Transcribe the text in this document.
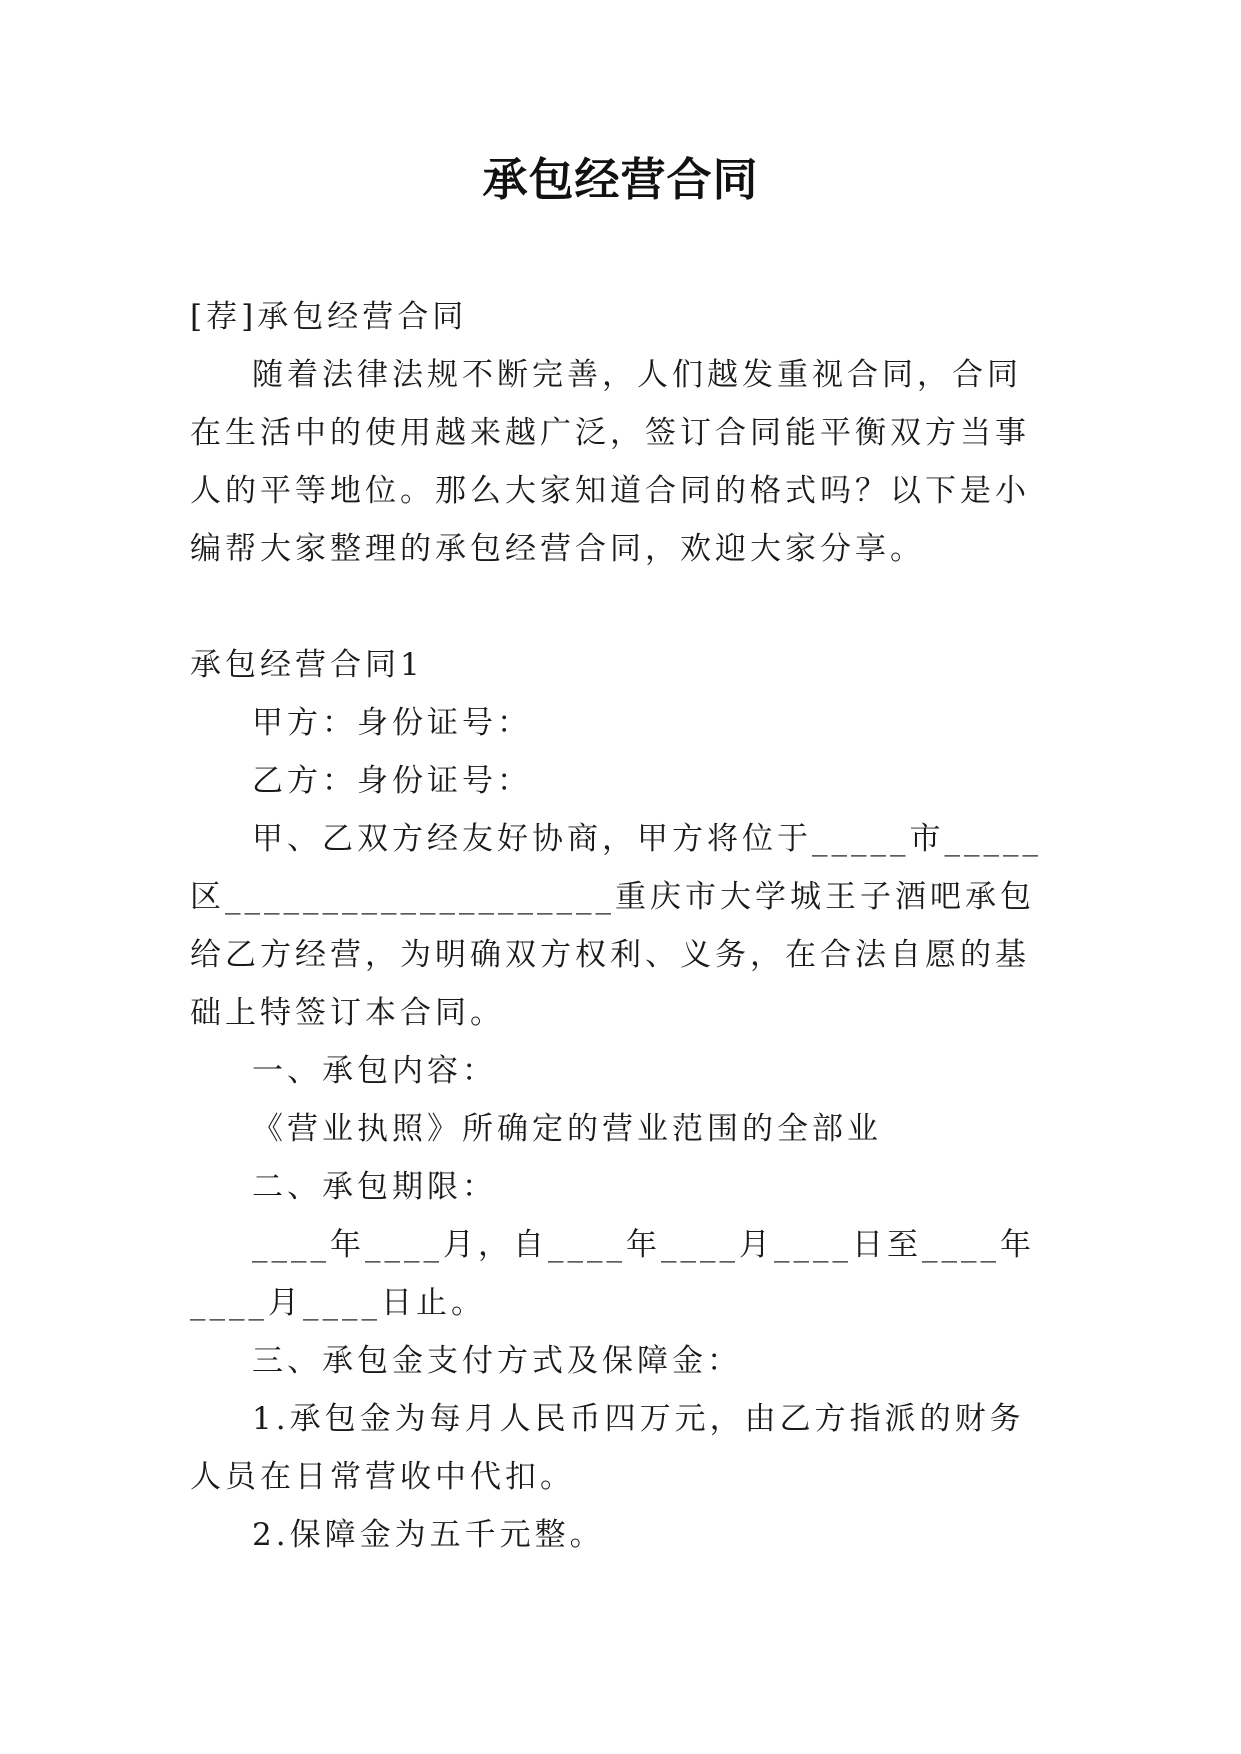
承包经营合同

[荐]承包经营合同

随着法律法规不断完善，人们越发重视合同，合同在生活中的使用越来越广泛，签订合同能平衡双方当事人的平等地位。那么大家知道合同的格式吗？以下是小编帮大家整理的承包经营合同，欢迎大家分享。

承包经营合同1

甲方：身份证号：

乙方：身份证号：

甲、乙双方经友好协商，甲方将位于_____市_____区____________________重庆市大学城王子酒吧承包给乙方经营，为明确双方权利、义务，在合法自愿的基础上特签订本合同。

一、承包内容：

《营业执照》所确定的营业范围的全部业

二、承包期限：

____年____月，自____年____月____日至____年____月____日止。

三、承包金支付方式及保障金：

1.承包金为每月人民币四万元，由乙方指派的财务人员在日常营收中代扣。

2.保障金为五千元整。
